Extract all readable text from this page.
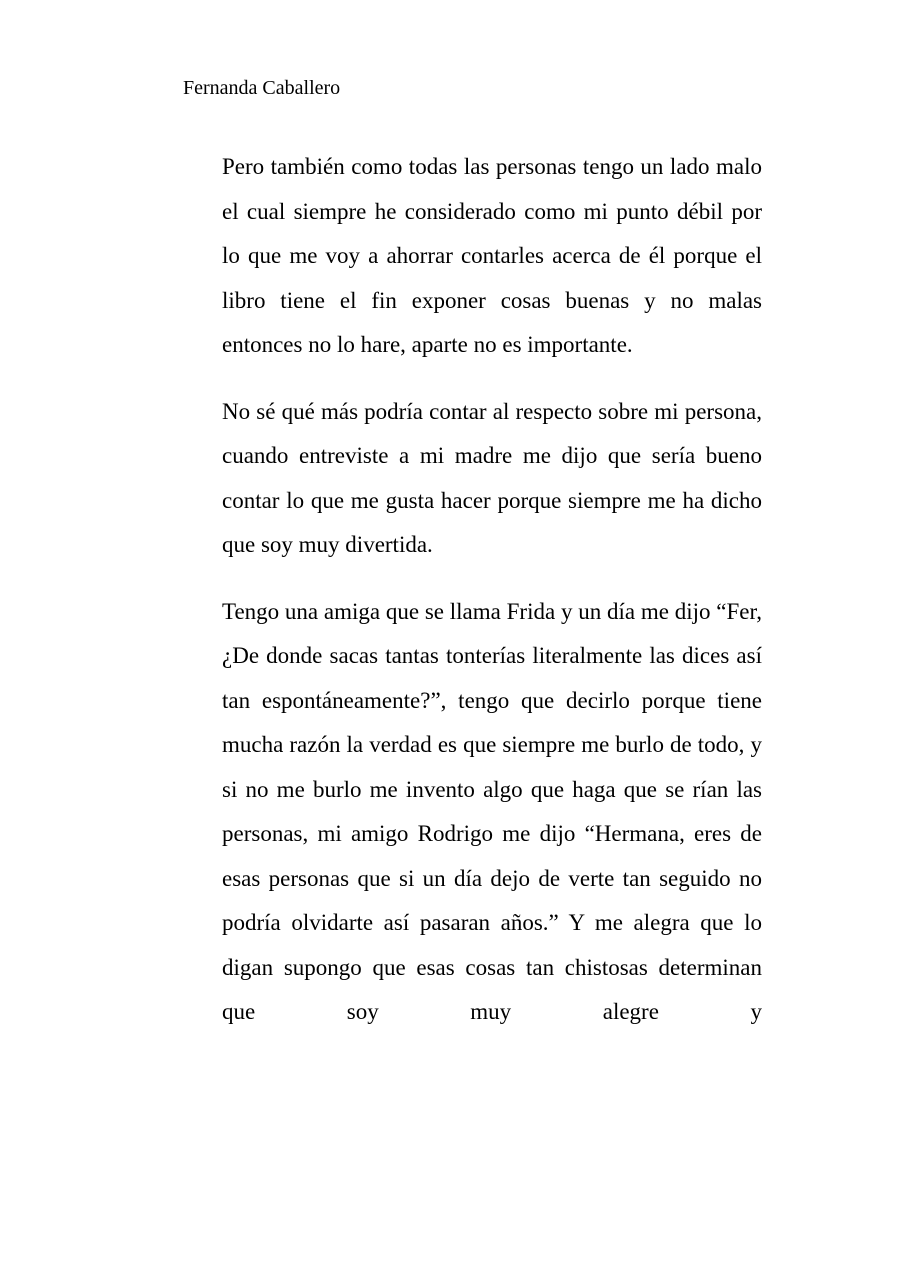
Fernanda Caballero

Pero también como todas las personas tengo un lado malo el cual siempre he considerado como mi punto débil por lo que me voy a ahorrar contarles acerca de él porque el libro tiene el fin exponer cosas buenas y no malas entonces no lo hare, aparte no es importante.

No sé qué más podría contar al respecto sobre mi persona, cuando entreviste a mi madre me dijo que sería bueno contar lo que me gusta hacer porque siempre me ha dicho que soy muy divertida.

Tengo una amiga que se llama Frida y un día me dijo “Fer, ¿De donde sacas tantas tonterías literalmente las dices así tan espontáneamente?”, tengo que decirlo porque tiene mucha razón la verdad es que siempre me burlo de todo, y si no me burlo me invento algo que haga que se rían las personas, mi amigo Rodrigo me dijo “Hermana, eres de esas personas que si un día dejo de verte tan seguido no podría olvidarte así pasaran años.” Y me alegra que lo digan supongo que esas cosas tan chistosas determinan que soy muy alegre y
